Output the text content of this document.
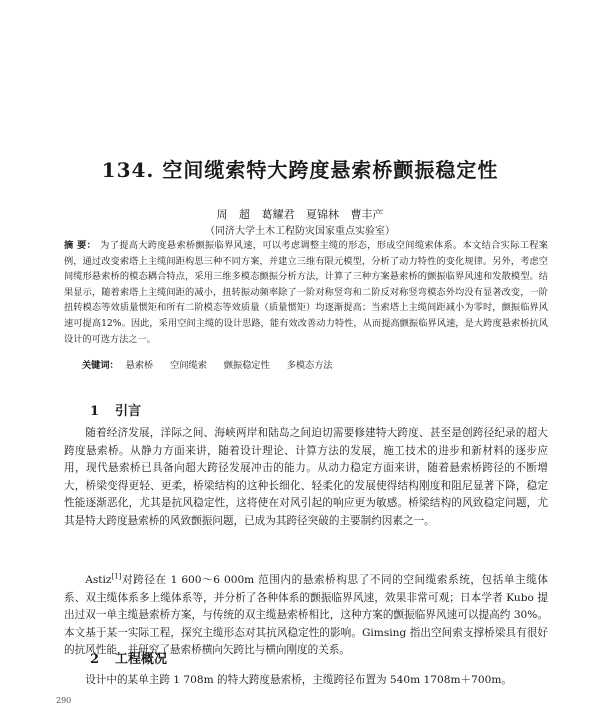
134. 空间缆索特大跨度悬索桥颤振稳定性
周 超 葛耀君 夏锦林 曹丰产
（同济大学土木工程防灾国家重点实验室）
摘 要： 为了提高大跨度悬索桥颤振临界风速，可以考虑调整主缆的形态，形成空间缆索体系。本文结合实际工程案例，通过改变索塔上主缆间距构思三种不同方案，并建立三维有限元模型，分析了动力特性的变化规律。另外，考虑空间缆形悬索桥的模态耦合特点，采用三维多模态颤振分析方法，计算了三种方案悬索桥的颤振临界风速和发散模型。结果显示，随着索塔上主缆间距的减小，扭转振动频率除了一阶对称竖弯和二阶反对称竖弯模态外均没有显著改变，一阶扭转模态等效质量惯矩和所有二阶模态等效质量（质量惯矩）均逐渐提高；当索塔上主缆间距减小为零时，颤振临界风速可提高12%。因此，采用空间主缆的设计思路，能有效改善动力特性，从而提高颤振临界风速，是大跨度悬索桥抗风设计的可选方法之一。
关键词： 悬索桥 空间缆索 颤振稳定性 多模态方法
1 引言
随着经济发展，洋际之间、海峡两岸和陆岛之间迫切需要修建特大跨度、甚至是创跨径纪录的超大跨度悬索桥。从静力方面来讲，随着设计理论、计算方法的发展，施工技术的进步和新材料的逐步应用，现代悬索桥已具备向超大跨径发展冲击的能力。从动力稳定方面来讲，随着悬索桥跨径的不断增大，桥梁变得更轻、更柔，桥梁结构的这种长细化、轻柔化的发展使得结构刚度和阻尼显著下降，稳定性能逐渐恶化，尤其是抗风稳定性，这将使在对风引起的响应更为敏感。桥梁结构的风致稳定问题，尤其是特大跨度悬索桥的风致颤振问题，已成为其跨径突破的主要制约因素之一。
Astiz[1]对跨径在 1 600～6 000m 范围内的悬索桥构思了不同的空间缆索系统，包括单主缆体系、双主缆体系多上缆体系等，并分析了各种体系的颤振临界风速，效果非常可观；日本学者 Kubo 提出过双一单主缆悬索桥方案，与传统的双主缆悬索桥相比，这种方案的颤振临界风速可以提高约 30%。本文基于某一实际工程，探究主缆形态对其抗风稳定性的影响。Gimsing 指出空间索支撑桥梁具有很好的抗风性能，并研究了悬索桥横向矢跨比与横向刚度的关系。
2 工程概况
设计中的某单主跨 1 708m 的特大跨度悬索桥，主缆跨径布置为 540m 1708m＋700m。
290
